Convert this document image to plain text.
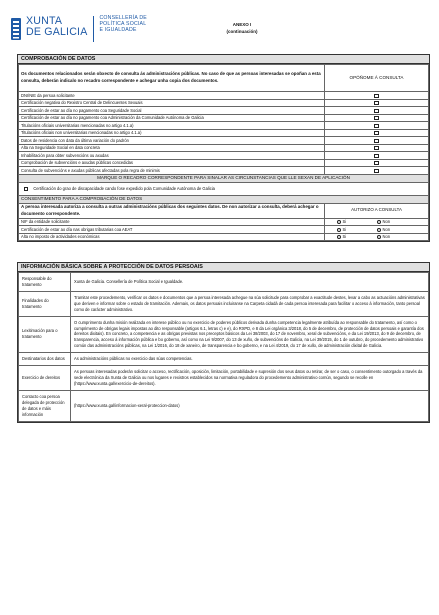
XUNTA
DE GALICIA
CONSELLERÍA DE
POLÍTICA SOCIAL
E IGUALDADE
ANEXO I
(continuación)
COMPROBACIÓN DE DATOS
Os documentos relacionados serán obxecto de consulta ás administracións públicas. No caso de que as persoas interesadas se opoñan a esta consulta, deberán indicalo no recadro correspondente e achegar unha copia dos documentos.	OPÓÑOME Á CONSULTA
DNI/NIE da persoa solicitante	
Certificación negativa do Rexistro Central de Delincuentes Sexuais	
Certificación de estar ao día no pagamento coa Seguridade Social	
Certificación de estar ao día no pagamento coa Administración da Comunidade Autónoma de Galicia	
Titulacións oficiais universitarias mencionadas no artigo 4.1.a)	
Titulacións oficiais non universitarias mencionadas no artigo 4.1.a)	
Datos de residencia con data da última variación do padrón	
Alta na Seguridade Social en data concreta	
Inhabilitación para obter subvencións ou axudas	
Comprobación de subvencións e axudas públicas concedidas	
Consulta de subvencións e axudas públicas afectadas pola regra de minimis	
MARQUE O RECADRO CORRESPONDENTE PARA SINALAR AS CIRCUNSTANCIAS QUE LLE SEXAN DE APLICACIÓN	
Certificación do grao de discapacidade cando fose expedido pola Comunidade Autónoma de Galicia	
CONSENTIMENTO PARA A COMPROBACIÓN DE DATOS	
A persoa interesada autoriza a consulta a outras administracións públicas dos seguintes datos. De non autorizar a consulta, deberá achegar o documento correspondente.	AUTORIZO A CONSULTA
NIF da entidade solicitante	Si Non
Certificación de estar ao día nas obrigas tributarias coa AEAT	Si Non
Alta no imposto de actividades económicas	Si Non
INFORMACIÓN BÁSICA SOBRE A PROTECCIÓN DE DATOS PERSOAIS
Responsable do tratamento	Xunta de Galicia. Consellería de Política Social e Igualdade.
Finalidades do tratamento	Tramitar este procedemento, verificar os datos e documentos que a persoa interesada achegue na súa solicitude para comprobar a exactitude destes, levar a cabo as actuacións administrativas que deriven e informar sobre o estado de tramitación. Ademais, os datos persoais incluiranse na Carpeta cidadá de cada persoa interesada para facilitar o acceso á información, tanto persoal como de carácter administrativo.
Lexitimación para o tratamento	O cumprimento dunha misión realizada en interese público ou no exercicio de poderes públicos derivada dunha competencia legalmente atribuída ao responsable do tratamento, así como o cumprimento de obrigas legais impostas ao dito responsable (artigos 6.1, letras c) e e), do RXPD, e 8 da Lei orgánica 3/2018, do 5 de decembro, de protección de datos persoais e garantía dos dereitos dixitais). En concreto, a competencia e as obrigas previstas nos preceptos básicos da Lei 38/2003, do 17 de novembro, xeral de subvencións, e da Lei 19/2013, do 9 de decembro, de transparencia, acceso á información pública e bo goberno, así como na Lei 9/2007, do 13 de xuño, de subvencións de Galicia, na Lei 39/2015, do 1 de outubro, do procedemento administrativo común das administracións públicas, na Lei 1/2016, do 18 de xaneiro, de transparencia e bo goberno, e na Lei 4/2019, do 17 de xullo, de administración dixital de Galicia.
Destinatarios dos datos	As administracións públicas no exercicio das súas competencias.
Exercicio de dereitos	As persoas interesadas poderán solicitar o acceso, rectificación, oposición, limitación, portabilidade e supresión dos seus datos ou retirar, de ser o caso, o consentimento outorgado a través da sede electrónica da Xunta de Galicia ou nos lugares e rexistros establecidos na normativa reguladora do procedemento administrativo común, segundo se recolle en (https://www.xunta.gal/exercicio-de-dereitos).
Contacto coa persoa delegada de protección de datos e máis información	(https://www.xunta.gal/informacion-xeral-proteccion-datos)
